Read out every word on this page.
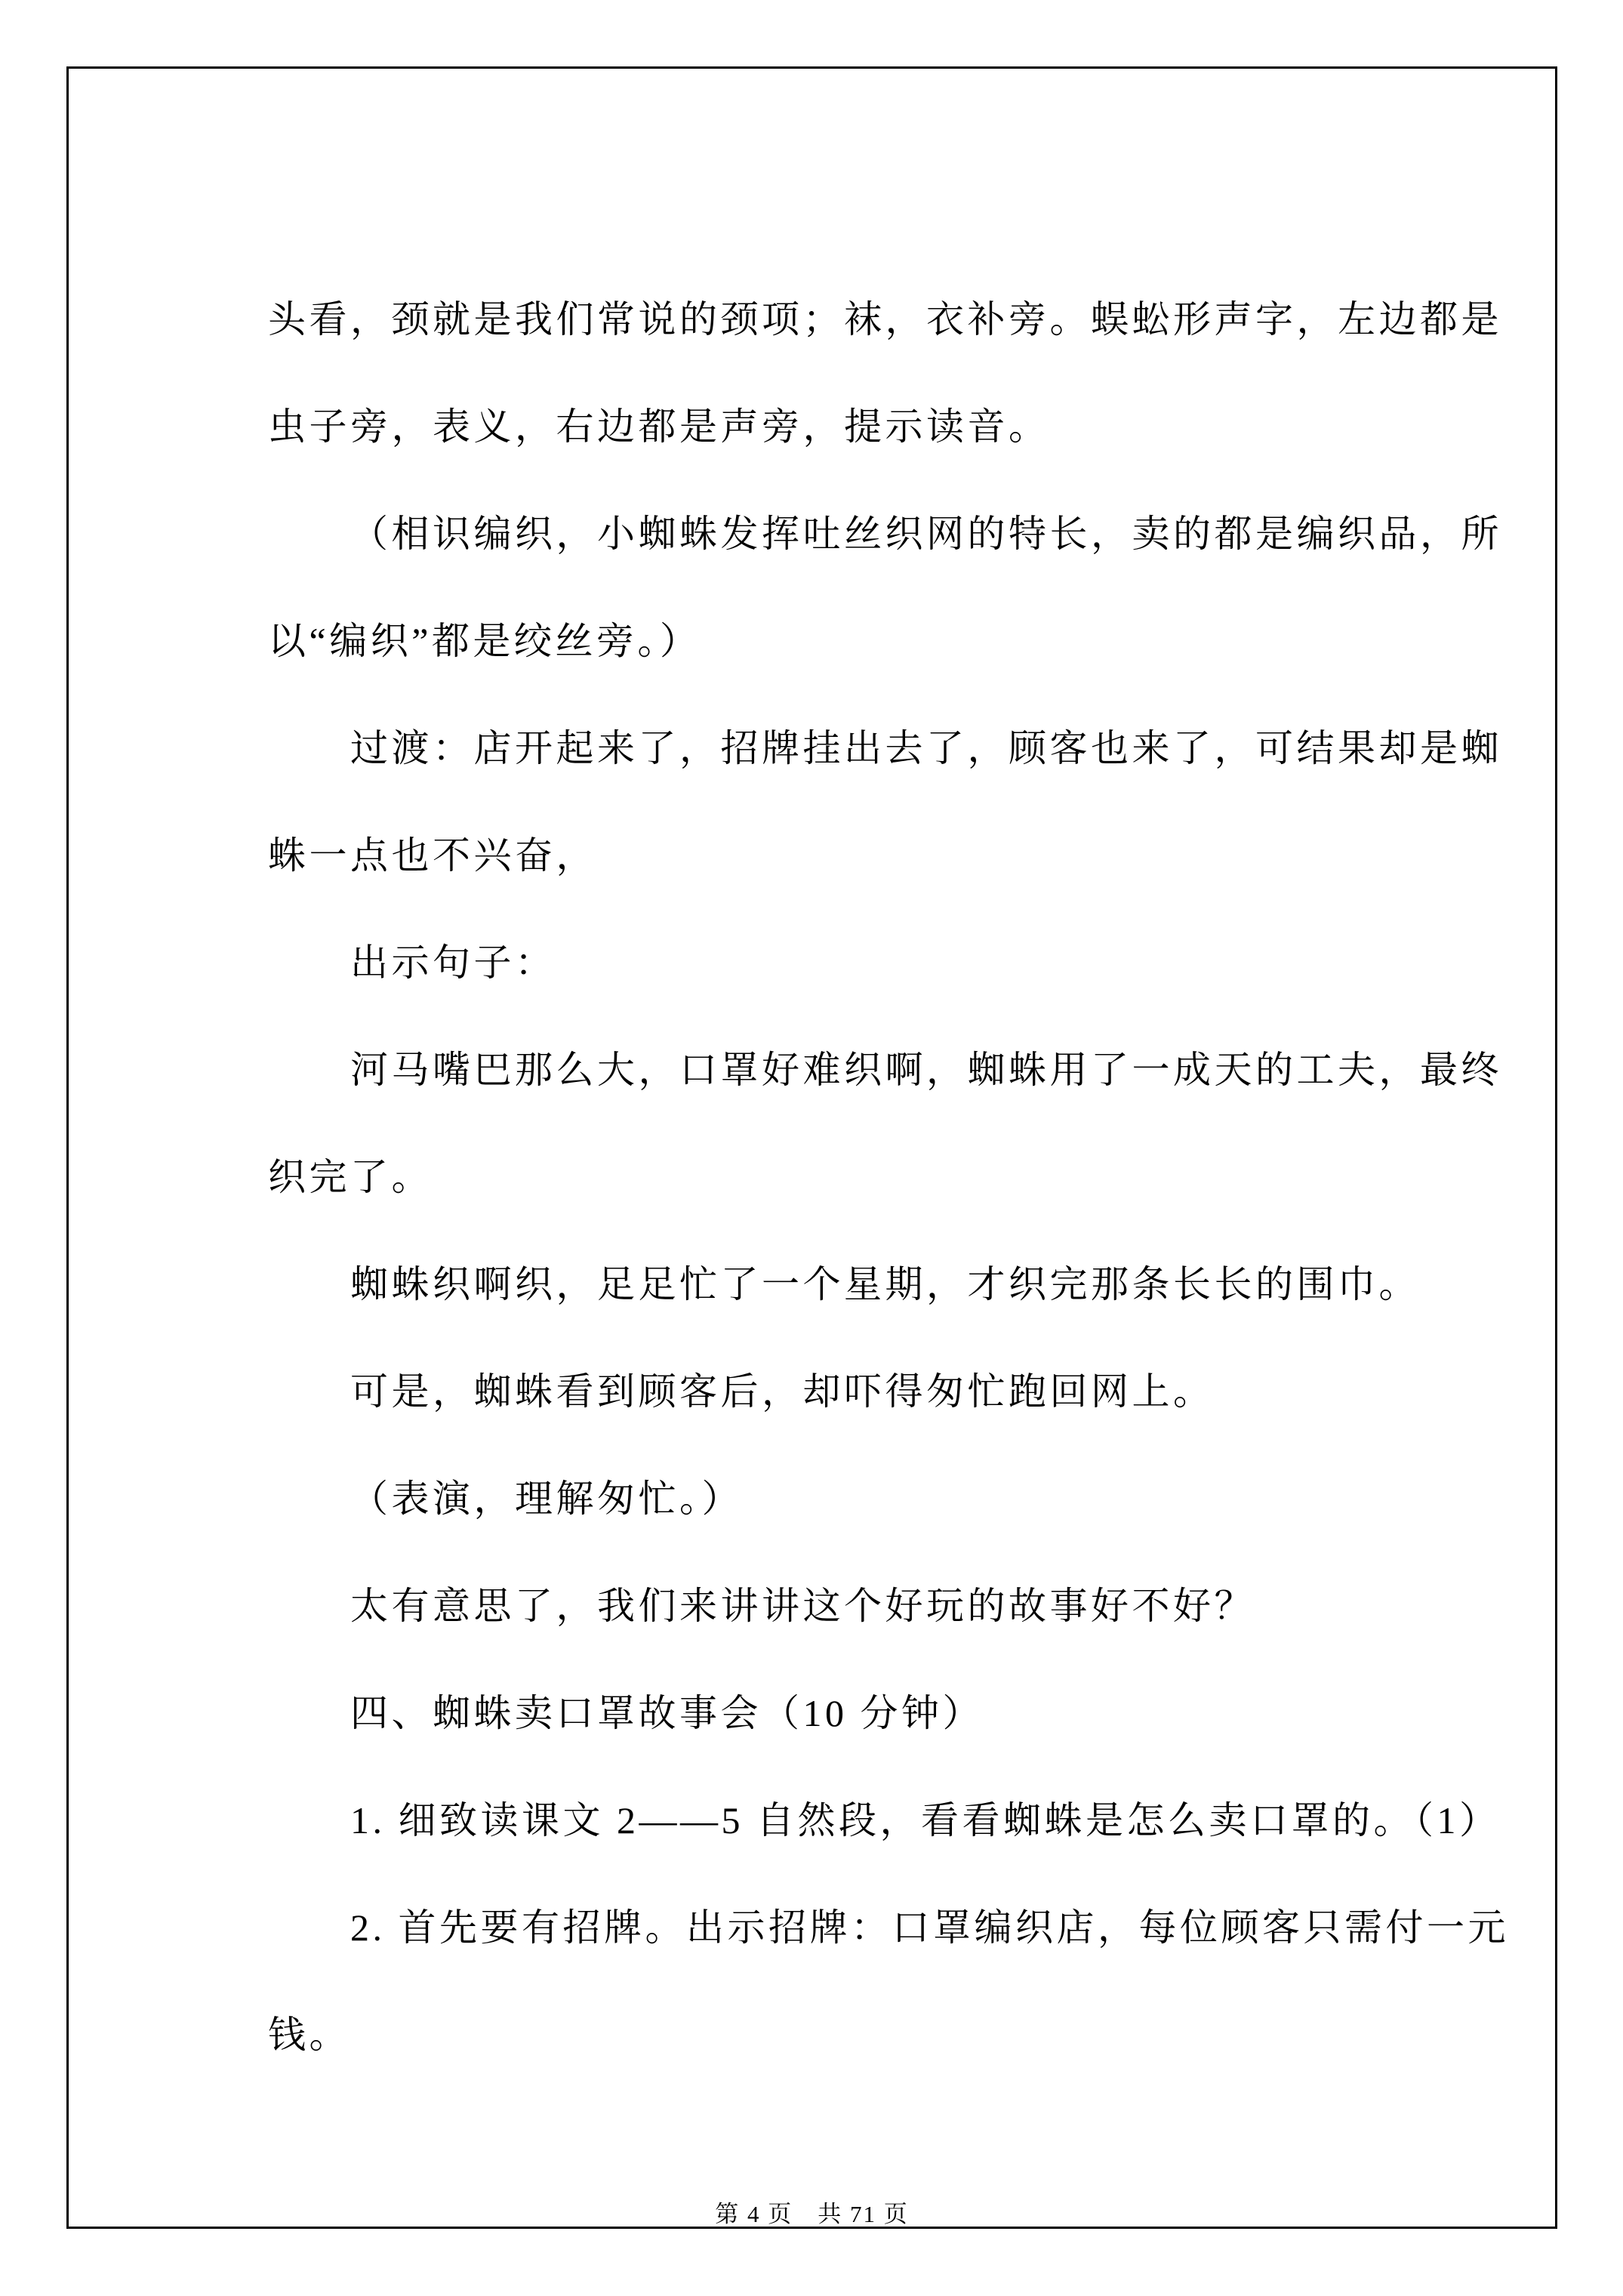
头看，颈就是我们常说的颈项；袜，衣补旁。蜈蚣形声字，左边都是
虫子旁，表义，右边都是声旁，提示读音。
（相识编织，小蜘蛛发挥吐丝织网的特长，卖的都是编织品，所
以“编织”都是绞丝旁。）
过渡：店开起来了，招牌挂出去了，顾客也来了，可结果却是蜘
蛛一点也不兴奋，
出示句子：
河马嘴巴那么大，口罩好难织啊，蜘蛛用了一成天的工夫，最终
织完了。
蜘蛛织啊织，足足忙了一个星期，才织完那条长长的围巾。
可是，蜘蛛看到顾客后，却吓得匆忙跑回网上。
（表演，理解匆忙。）
太有意思了，我们来讲讲这个好玩的故事好不好？
四、蜘蛛卖口罩故事会（10 分钟）
1. 细致读课文 2——5 自然段，看看蜘蛛是怎么卖口罩的。（1）
2. 首先要有招牌。出示招牌：口罩编织店，每位顾客只需付一元
钱。
第 4 页　共 71 页
